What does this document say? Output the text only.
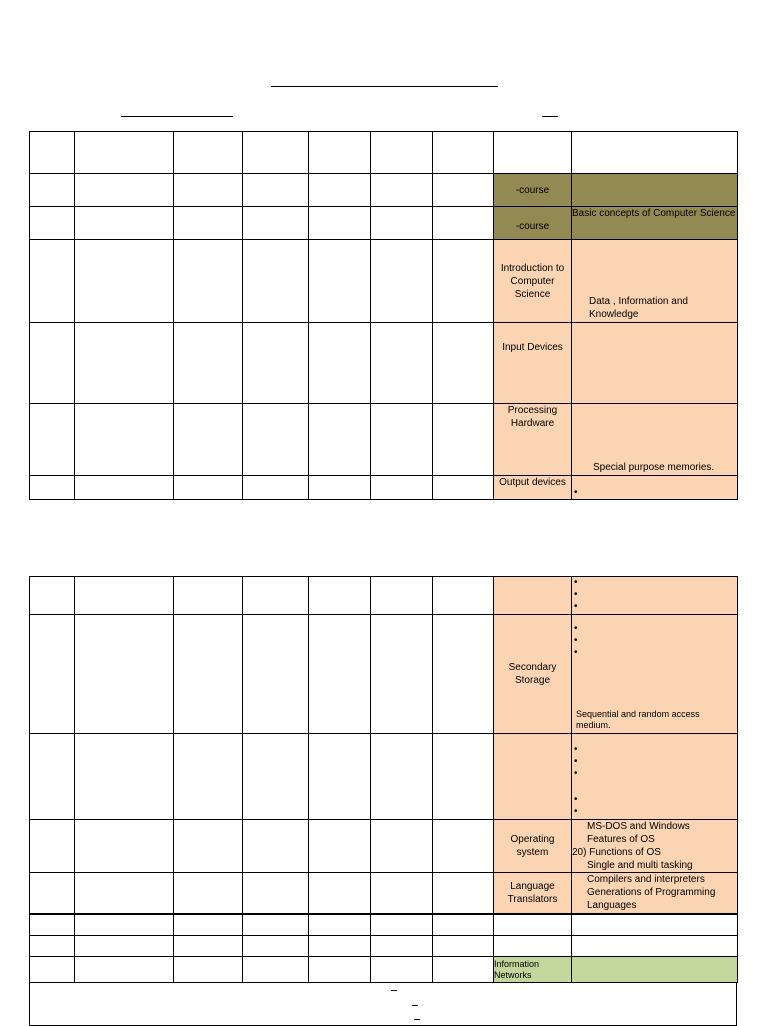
							-course	
							-course	Basic concepts of Computer Science
							Introduction to Computer Science	Data , Information and Knowledge
							Input Devices	
							Processing Hardware	Special purpose memories.
							Output devices	•

								•
•
•

							Secondary Storage	•
•
•
Sequential and random access medium.

								•
•
•
•
•

							Operating system	MS-DOS and Windows
Features of OS
20) Functions of OS
Single and multi tasking

							Language Translators	Compilers and interpreters
Generations of Programming Languages

							Information Networks	
